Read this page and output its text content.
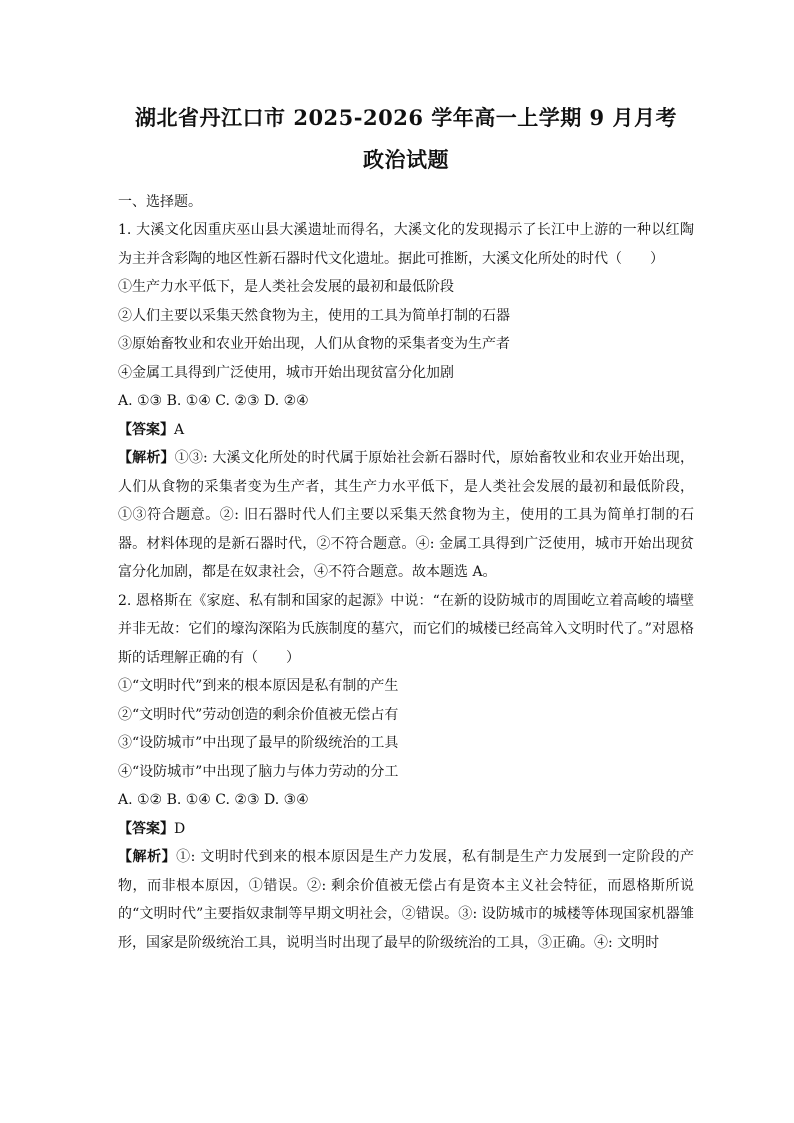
湖北省丹江口市 2025-2026 学年高一上学期 9 月月考
政治试题
一、选择题。
1. 大溪文化因重庆巫山县大溪遗址而得名，大溪文化的发现揭示了长江中上游的一种以红陶为主并含彩陶的地区性新石器时代文化遗址。据此可推断，大溪文化所处的时代（　　）
①生产力水平低下，是人类社会发展的最初和最低阶段
②人们主要以采集天然食物为主，使用的工具为简单打制的石器
③原始畜牧业和农业开始出现，人们从食物的采集者变为生产者
④金属工具得到广泛使用，城市开始出现贫富分化加剧
A. ①③ B. ①④ C. ②③ D. ②④
【答案】A
【解析】①③: 大溪文化所处的时代属于原始社会新石器时代，原始畜牧业和农业开始出现，人们从食物的采集者变为生产者，其生产力水平低下，是人类社会发展的最初和最低阶段，①③符合题意。②: 旧石器时代人们主要以采集天然食物为主，使用的工具为简单打制的石器。材料体现的是新石器时代，②不符合题意。④: 金属工具得到广泛使用，城市开始出现贫富分化加剧，都是在奴隶社会，④不符合题意。故本题选 A。
2. 恩格斯在《家庭、私有制和国家的起源》中说：“在新的设防城市的周围屹立着高峻的墙壁并非无故：它们的壕沟深陷为氏族制度的墓穴，而它们的城楼已经高耸入文明时代了。”对恩格斯的话理解正确的有（　　）
①“文明时代”到来的根本原因是私有制的产生
②“文明时代”劳动创造的剩余价值被无偿占有
③“设防城市”中出现了最早的阶级统治的工具
④“设防城市”中出现了脑力与体力劳动的分工
A. ①② B. ①④ C. ②③ D. ③④
【答案】D
【解析】①: 文明时代到来的根本原因是生产力发展，私有制是生产力发展到一定阶段的产物，而非根本原因，①错误。②: 剩余价值被无偿占有是资本主义社会特征，而恩格斯所说的“文明时代”主要指奴隶制等早期文明社会，②错误。③: 设防城市的城楼等体现国家机器雏形，国家是阶级统治工具，说明当时出现了最早的阶级统治的工具，③正确。④: 文明时
